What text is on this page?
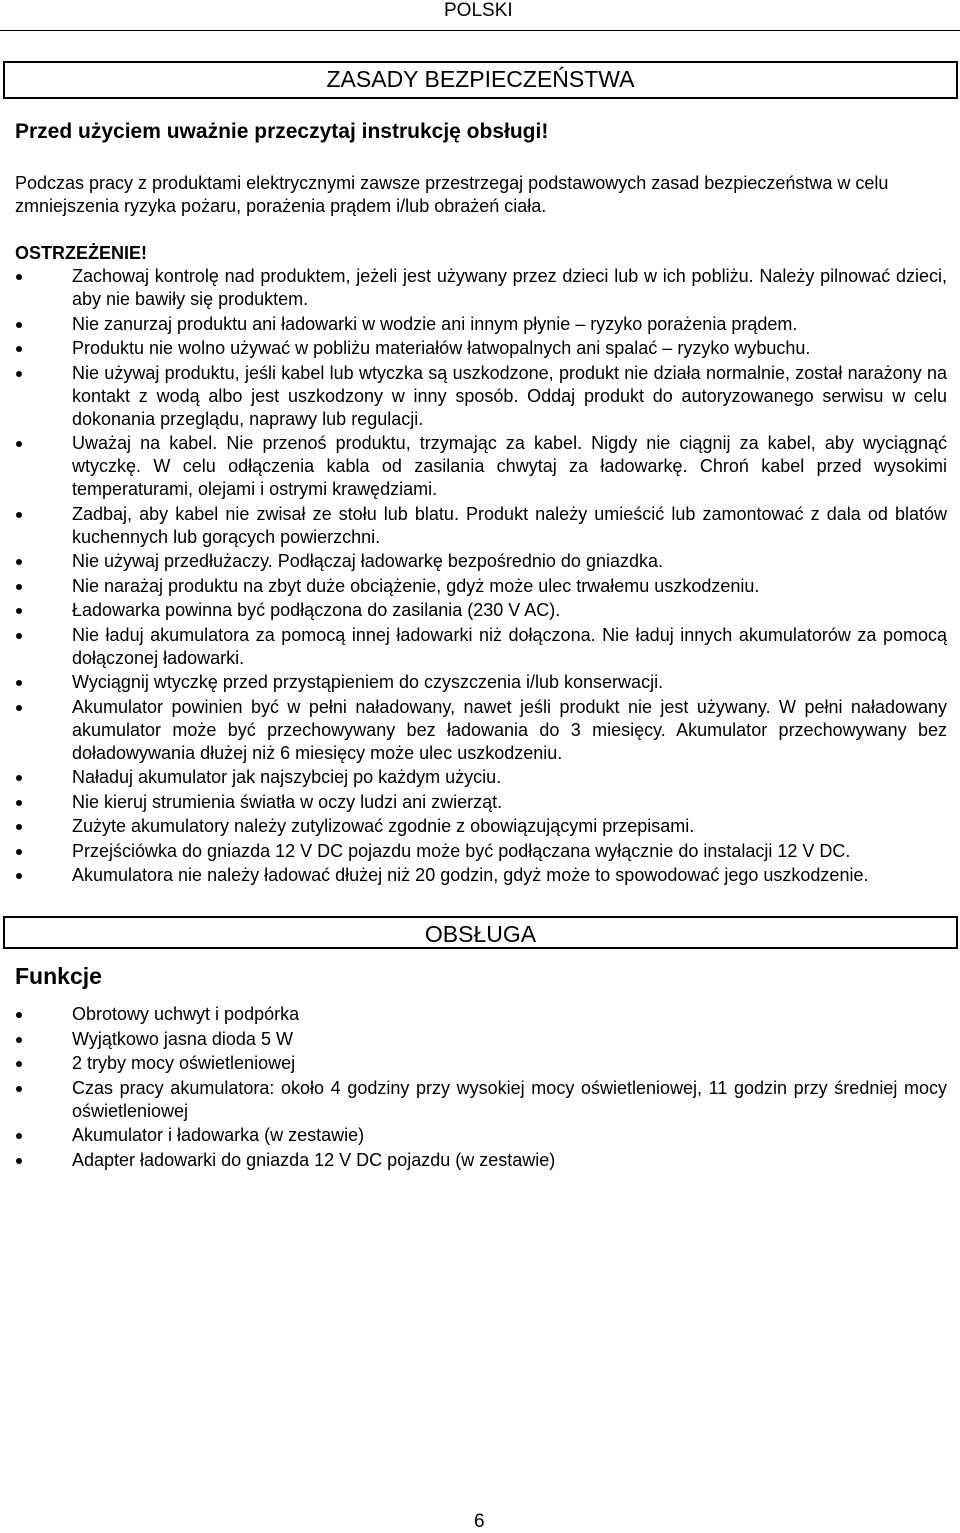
POLSKI
ZASADY BEZPIECZEŃSTWA
Przed użyciem uważnie przeczytaj instrukcję obsługi!
Podczas pracy z produktami elektrycznymi zawsze przestrzegaj podstawowych zasad bezpieczeństwa w celu zmniejszenia ryzyka pożaru, porażenia prądem i/lub obrażeń ciała.
OSTRZEŻENIE!
Zachowaj kontrolę nad produktem, jeżeli jest używany przez dzieci lub w ich pobliżu. Należy pilnować dzieci, aby nie bawiły się produktem.
Nie zanurzaj produktu ani ładowarki w wodzie ani innym płynie – ryzyko porażenia prądem.
Produktu nie wolno używać w pobliżu materiałów łatwopalnych ani spalać – ryzyko wybuchu.
Nie używaj produktu, jeśli kabel lub wtyczka są uszkodzone, produkt nie działa normalnie, został narażony na kontakt z wodą albo jest uszkodzony w inny sposób. Oddaj produkt do autoryzowanego serwisu w celu dokonania przeglądu, naprawy lub regulacji.
Uważaj na kabel. Nie przenoś produktu, trzymając za kabel. Nigdy nie ciągnij za kabel, aby wyciągnąć wtyczkę. W celu odłączenia kabla od zasilania chwytaj za ładowarkę. Chroń kabel przed wysokimi temperaturami, olejami i ostrymi krawędziami.
Zadbaj, aby kabel nie zwisał ze stołu lub blatu. Produkt należy umieścić lub zamontować z dala od blatów kuchennych lub gorących powierzchni.
Nie używaj przedłużaczy. Podłączaj ładowarkę bezpośrednio do gniazdka.
Nie narażaj produktu na zbyt duże obciążenie, gdyż może ulec trwałemu uszkodzeniu.
Ładowarka powinna być podłączona do zasilania (230 V AC).
Nie ładuj akumulatora za pomocą innej ładowarki niż dołączona. Nie ładuj innych akumulatorów za pomocą dołączonej ładowarki.
Wyciągnij wtyczkę przed przystąpieniem do czyszczenia i/lub konserwacji.
Akumulator powinien być w pełni naładowany, nawet jeśli produkt nie jest używany. W pełni naładowany akumulator może być przechowywany bez ładowania do 3 miesięcy. Akumulator przechowywany bez doładowywania dłużej niż 6 miesięcy może ulec uszkodzeniu.
Naładuj akumulator jak najszybciej po każdym użyciu.
Nie kieruj strumienia światła w oczy ludzi ani zwierząt.
Zużyte akumulatory należy zutylizować zgodnie z obowiązującymi przepisami.
Przejściówka do gniazda 12 V DC pojazdu może być podłączana wyłącznie do instalacji 12 V DC.
Akumulatora nie należy ładować dłużej niż 20 godzin, gdyż może to spowodować jego uszkodzenie.
OBSŁUGA
Funkcje
Obrotowy uchwyt i podpórka
Wyjątkowo jasna dioda 5 W
2 tryby mocy oświetleniowej
Czas pracy akumulatora: około 4 godziny przy wysokiej mocy oświetleniowej, 11 godzin przy średniej mocy oświetleniowej
Akumulator i ładowarka (w zestawie)
Adapter ładowarki do gniazda 12 V DC pojazdu (w zestawie)
6
